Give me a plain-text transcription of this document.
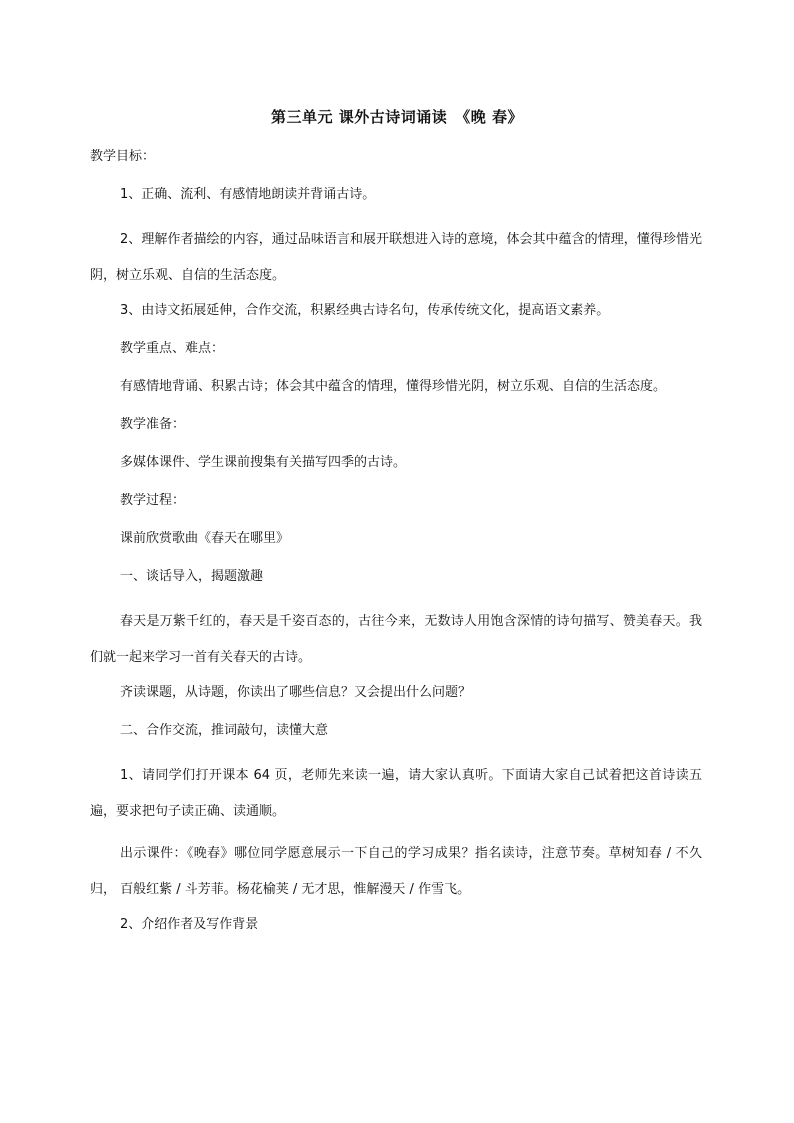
第三单元 课外古诗词诵读　《晚 春》

教学目标：

1、正确、流利、有感情地朗读并背诵古诗。

2、理解作者描绘的内容，通过品味语言和展开联想进入诗的意境，体会其中蕴含的情理，懂得珍惜光阴，树立乐观、自信的生活态度。

3、由诗文拓展延伸，合作交流，积累经典古诗名句，传承传统文化，提高语文素养。

教学重点、难点：

有感情地背诵、积累古诗；体会其中蕴含的情理，懂得珍惜光阴，树立乐观、自信的生活态度。

教学准备：

多媒体课件、学生课前搜集有关描写四季的古诗。

教学过程：

课前欣赏歌曲《春天在哪里》

一、谈话导入，揭题激趣

春天是万紫千红的，春天是千姿百态的，古往今来，无数诗人用饱含深情的诗句描写、赞美春天。我们就一起来学习一首有关春天的古诗。

齐读课题，从诗题，你读出了哪些信息？又会提出什么问题？

二、合作交流，推词敲句，读懂大意

1、请同学们打开课本 64 页，老师先来读一遍，请大家认真听。下面请大家自己试着把这首诗读五遍，要求把句子读正确、读通顺。

出示课件：《晚春》哪位同学愿意展示一下自己的学习成果？指名读诗，注意节奏。草树知春 / 不久归， 百般红紫 / 斗芳菲。杨花榆荚 / 无才思，惟解漫天 / 作雪飞。

2、介绍作者及写作背景
